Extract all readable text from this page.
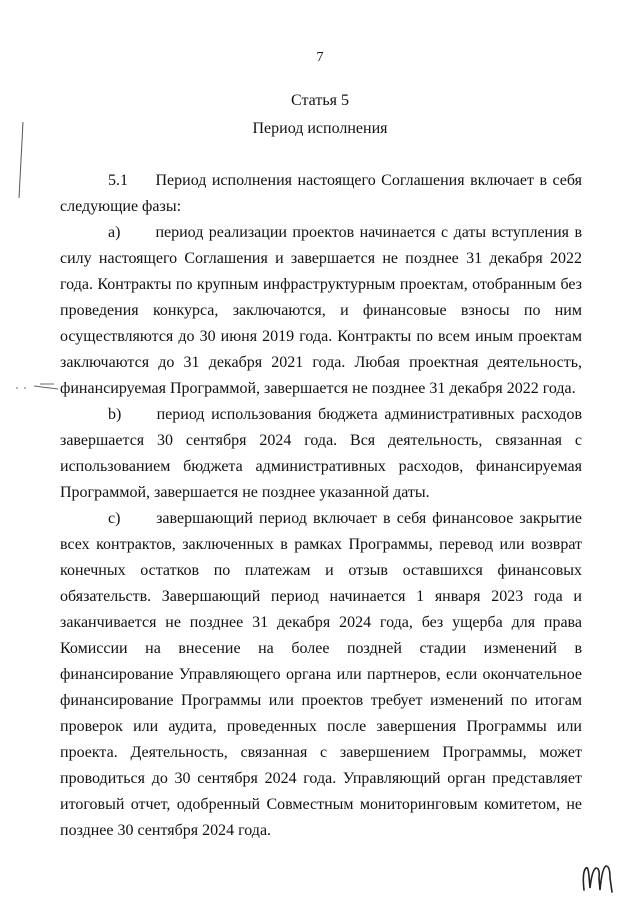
7
Статья 5
Период исполнения

5.1 Период исполнения настоящего Соглашения включает в себя следующие фазы:

a) период реализации проектов начинается с даты вступления в силу настоящего Соглашения и завершается не позднее 31 декабря 2022 года. Контракты по крупным инфраструктурным проектам, отобранным без проведения конкурса, заключаются, и финансовые взносы по ним осуществляются до 30 июня 2019 года. Контракты по всем иным проектам заключаются до 31 декабря 2021 года. Любая проектная деятельность, финансируемая Программой, завершается не позднее 31 декабря 2022 года.

b) период использования бюджета административных расходов завершается 30 сентября 2024 года. Вся деятельность, связанная с использованием бюджета административных расходов, финансируемая Программой, завершается не позднее указанной даты.

c) завершающий период включает в себя финансовое закрытие всех контрактов, заключенных в рамках Программы, перевод или возврат конечных остатков по платежам и отзыв оставшихся финансовых обязательств. Завершающий период начинается 1 января 2023 года и заканчивается не позднее 31 декабря 2024 года, без ущерба для права Комиссии на внесение на более поздней стадии изменений в финансирование Управляющего органа или партнеров, если окончательное финансирование Программы или проектов требует изменений по итогам проверок или аудита, проведенных после завершения Программы или проекта. Деятельность, связанная с завершением Программы, может проводиться до 30 сентября 2024 года. Управляющий орган представляет итоговый отчет, одобренный Совместным мониторинговым комитетом, не позднее 30 сентября 2024 года.
